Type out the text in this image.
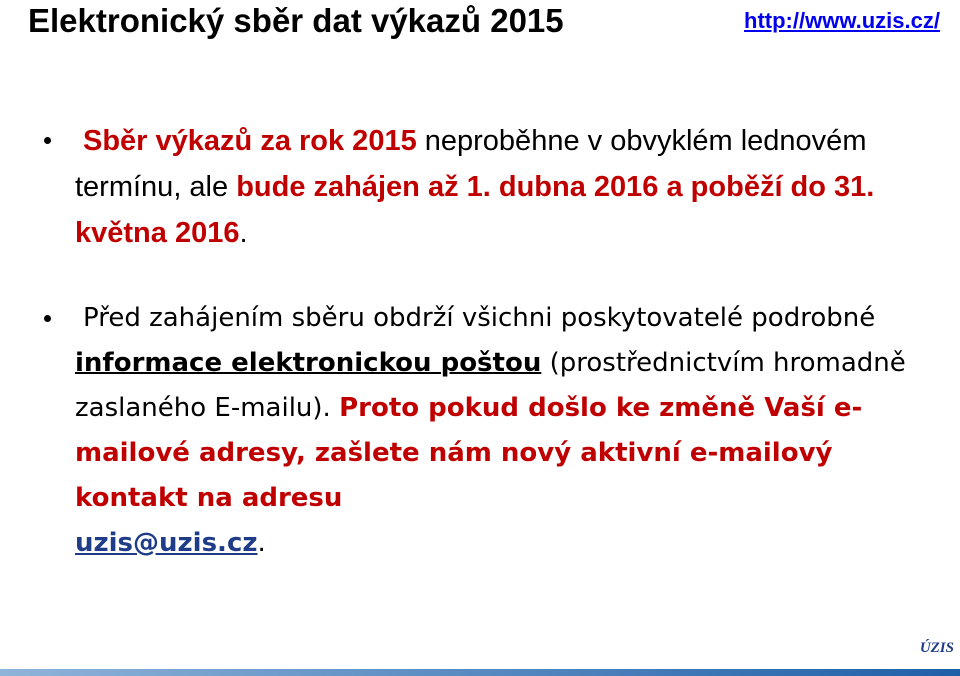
Elektronický sběr dat výkazů 2015	http://www.uzis.cz/
Sběr výkazů za rok 2015 neproběhne v obvyklém lednovém termínu, ale bude zahájen až 1. dubna 2016 a poběží do 31. května 2016.
Před zahájením sběru obdrží všichni poskytovatelé podrobné informace elektronickou poštou (prostřednictvím hromadně zaslaného E-mailu). Proto pokud došlo ke změně Vaší e-mailové adresy, zašlete nám nový aktivní e-mailový kontakt na adresu
uzis@uzis.cz.
ÚZIS
